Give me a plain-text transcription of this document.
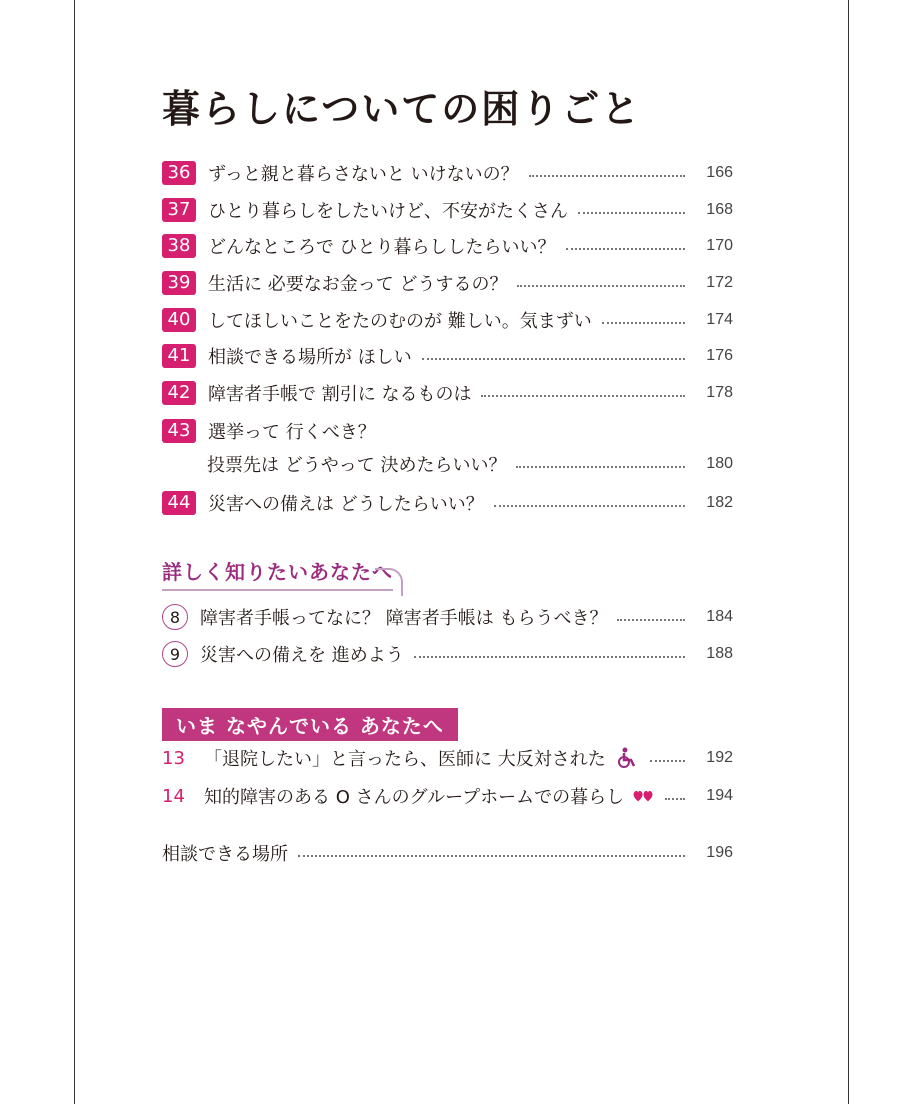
暮らしについての困りごと
36 ずっと親と暮らさないと いけないの？	166
37 ひとり暮らしをしたいけど、不安がたくさん	168
38 どんなところで ひとり暮らししたらいい？	170
39 生活に 必要なお金って どうするの？	172
40 してほしいことをたのむのが 難しい。気まずい	174
41 相談できる場所が ほしい	176
42 障害者手帳で 割引に なるものは	178
43 選挙って 行くべき？
投票先は どうやって 決めたらいい？	180
44 災害への備えは どうしたらいい？	182
詳しく知りたいあなたへ
8	障害者手帳ってなに？ 障害者手帳は もらうべき？	184
9	災害への備えを 進めよう	188
いま なやんでいる あなたへ
13	「退院したい」と言ったら、医師に 大反対された	192
14	知的障害のある O さんのグループホームでの暮らし	194
相談できる場所	196
